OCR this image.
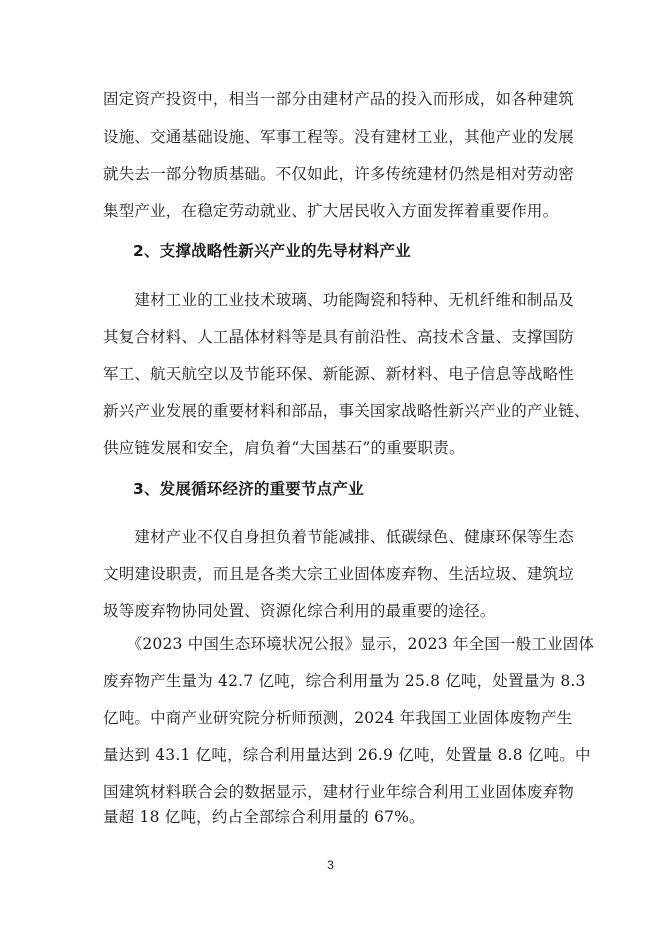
固定资产投资中，相当一部分由建材产品的投入而形成，如各种建筑
设施、交通基础设施、军事工程等。没有建材工业，其他产业的发展
就失去一部分物质基础。不仅如此，许多传统建材仍然是相对劳动密
集型产业，在稳定劳动就业、扩大居民收入方面发挥着重要作用。
2、支撑战略性新兴产业的先导材料产业
　　建材工业的工业技术玻璃、功能陶瓷和特种、无机纤维和制品及
其复合材料、人工晶体材料等是具有前沿性、高技术含量、支撑国防
军工、航天航空以及节能环保、新能源、新材料、电子信息等战略性
新兴产业发展的重要材料和部品，事关国家战略性新兴产业的产业链、
供应链发展和安全，肩负着“大国基石”的重要职责。
3、发展循环经济的重要节点产业
　　建材产业不仅自身担负着节能减排、低碳绿色、健康环保等生态
文明建设职责，而且是各类大宗工业固体废弃物、生活垃圾、建筑垃
圾等废弃物协同处置、资源化综合利用的最重要的途径。
　　《2023 中国生态环境状况公报》显示，2023 年全国一般工业固体
废弃物产生量为 42.7 亿吨，综合利用量为 25.8 亿吨，处置量为 8.3
亿吨。中商产业研究院分析师预测，2024 年我国工业固体废物产生
量达到 43.1 亿吨，综合利用量达到 26.9 亿吨，处置量 8.8 亿吨。中
国建筑材料联合会的数据显示，建材行业年综合利用工业固体废弃物
量超 18 亿吨，约占全部综合利用量的 67%。
3
